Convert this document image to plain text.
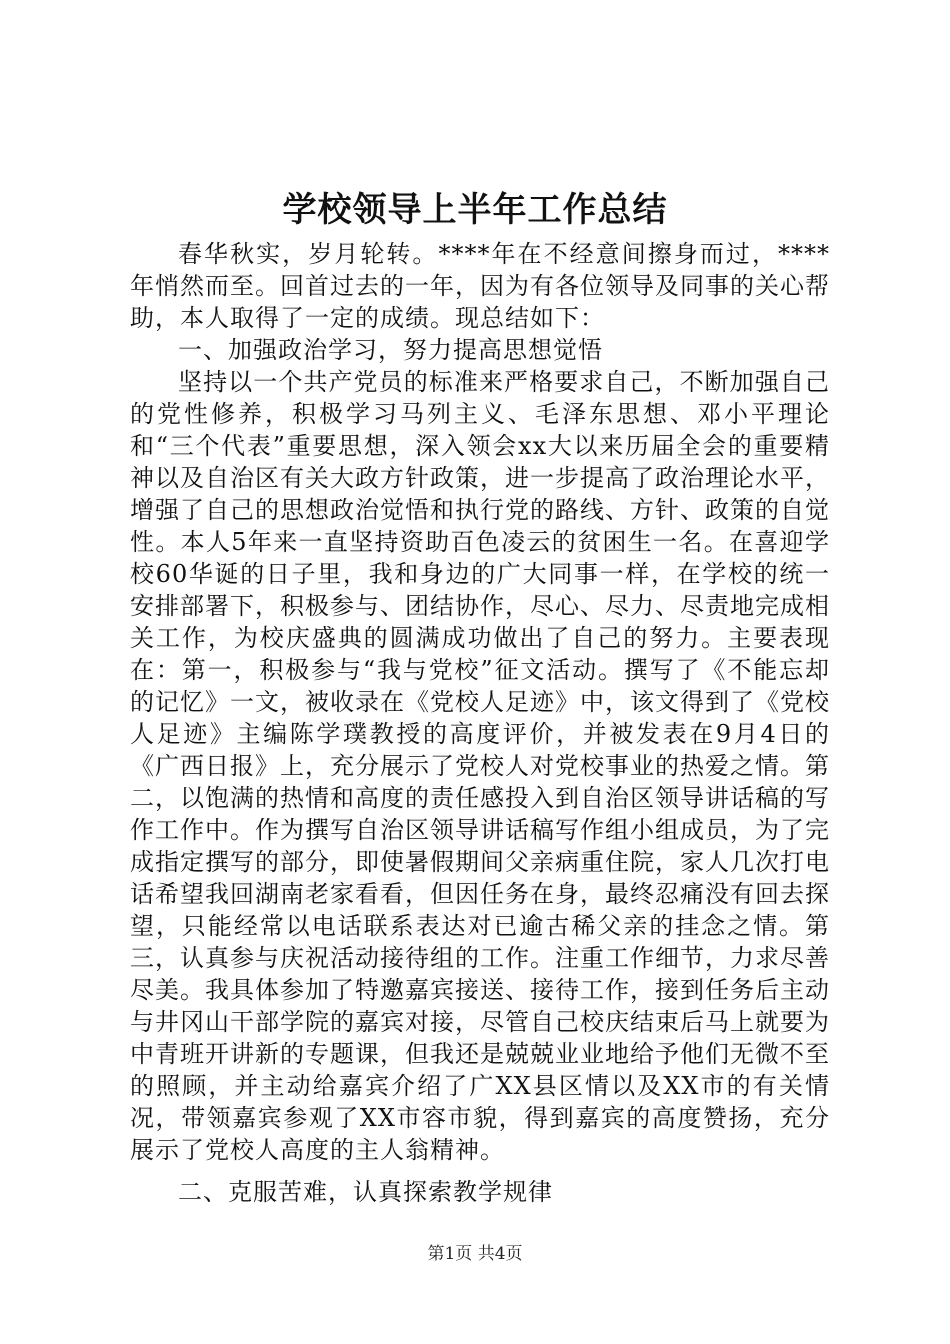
学校领导上半年工作总结

春华秋实，岁月轮转。****年在不经意间擦身而过，****年悄然而至。回首过去的一年，因为有各位领导及同事的关心帮助，本人取得了一定的成绩。现总结如下：

一、加强政治学习，努力提高思想觉悟

坚持以一个共产党员的标准来严格要求自己，不断加强自己的党性修养，积极学习马列主义、毛泽东思想、邓小平理论和“三个代表”重要思想，深入领会xx大以来历届全会的重要精神以及自治区有关大政方针政策，进一步提高了政治理论水平，增强了自己的思想政治觉悟和执行党的路线、方针、政策的自觉性。本人5年来一直坚持资助百色凌云的贫困生一名。在喜迎学校60华诞的日子里，我和身边的广大同事一样，在学校的统一安排部署下，积极参与、团结协作，尽心、尽力、尽责地完成相关工作，为校庆盛典的圆满成功做出了自己的努力。主要表现在：第一，积极参与“我与党校”征文活动。撰写了《不能忘却的记忆》一文，被收录在《党校人足迹》中，该文得到了《党校人足迹》主编陈学璞教授的高度评价，并被发表在9月4日的《广西日报》上，充分展示了党校人对党校事业的热爱之情。第二，以饱满的热情和高度的责任感投入到自治区领导讲话稿的写作工作中。作为撰写自治区领导讲话稿写作组小组成员，为了完成指定撰写的部分，即使暑假期间父亲病重住院，家人几次打电话希望我回湖南老家看看，但因任务在身，最终忍痛没有回去探望，只能经常以电话联系表达对已逾古稀父亲的挂念之情。第三，认真参与庆祝活动接待组的工作。注重工作细节，力求尽善尽美。我具体参加了特邀嘉宾接送、接待工作，接到任务后主动与井冈山干部学院的嘉宾对接，尽管自己校庆结束后马上就要为中青班开讲新的专题课，但我还是兢兢业业地给予他们无微不至的照顾，并主动给嘉宾介绍了广XX县区情以及XX市的有关情况，带领嘉宾参观了XX市容市貌，得到嘉宾的高度赞扬，充分展示了党校人高度的主人翁精神。

二、克服苦难，认真探索教学规律

第1页 共4页
